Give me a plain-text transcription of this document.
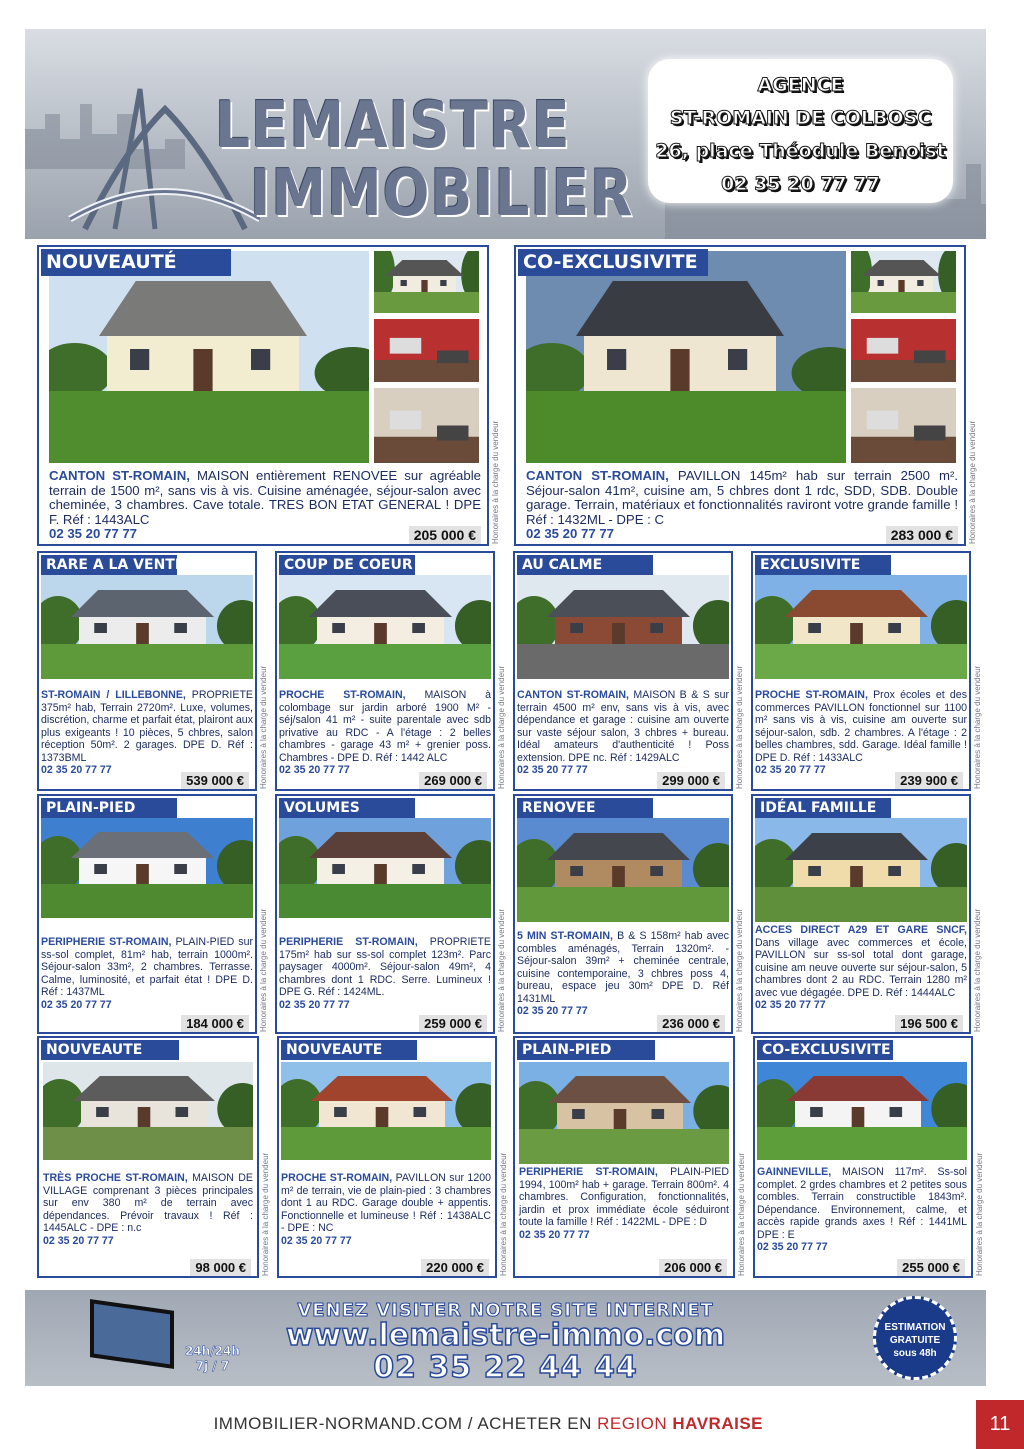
LEMAISTRE
IMMOBILIER
AGENCE
ST-ROMAIN DE COLBOSC
26, place Théodule Benoist
02 35 20 77 77
NOUVEAUTÉ
CANTON ST-ROMAIN, MAISON entièrement RENOVEE sur agréable terrain de 1500 m², sans vis à vis. Cuisine aménagée, séjour-salon avec cheminée, 3 chambres. Cave totale. TRES BON ETAT GENERAL ! DPE F. Réf : 1443ALC
02 35 20 77 77	205 000 €	Honoraires à la charge du vendeur
CO-EXCLUSIVITE
CANTON ST-ROMAIN, PAVILLON 145m² hab sur terrain 2500 m². Séjour-salon 41m², cuisine am, 5 chbres dont 1 rdc, SDD, SDB. Double garage. Terrain, matériaux et fonctionnalités raviront votre grande famille ! Réf : 1432ML - DPE : C
02 35 20 77 77	283 000 €	Honoraires à la charge du vendeur
RARE A LA VENTE
ST-ROMAIN / LILLEBONNE, PROPRIETE 375m² hab, Terrain 2720m². Luxe, volumes, discrétion, charme et parfait état, plairont aux plus exigeants ! 10 pièces, 5 chbres, salon réception 50m². 2 garages. DPE D. Réf : 1373BML
02 35 20 77 77
539 000 €	Honoraires à la charge du vendeur
COUP DE COEUR
PROCHE ST-ROMAIN, MAISON à colombage sur jardin arboré 1900 M² - séj/salon 41 m² - suite parentale avec sdb privative au RDC - A l'étage : 2 belles chambres - garage 43 m² + grenier poss. Chambres - DPE D. Réf : 1442 ALC
02 35 20 77 77
269 000 €	Honoraires à la charge du vendeur
AU CALME
CANTON ST-ROMAIN, MAISON B & S sur terrain 4500 m² env, sans vis à vis, avec dépendance et garage : cuisine am ouverte sur vaste séjour salon, 3 chbres + bureau. Idéal amateurs d'authenticité ! Poss extension. DPE nc. Réf : 1429ALC
02 35 20 77 77
299 000 €	Honoraires à la charge du vendeur
EXCLUSIVITE
PROCHE ST-ROMAIN, Prox écoles et des commerces PAVILLON fonctionnel sur 1100 m² sans vis à vis, cuisine am ouverte sur séjour-salon, sdb. 2 chambres. A l'étage : 2 belles chambres, sdd. Garage. Idéal famille ! DPE D. Réf : 1433ALC
02 35 20 77 77
239 900 €	Honoraires à la charge du vendeur
PLAIN-PIED
PERIPHERIE ST-ROMAIN, PLAIN-PIED sur ss-sol complet, 81m² hab, terrain 1000m². Séjour-salon 33m², 2 chambres. Terrasse. Calme, luminosité, et parfait état ! DPE D. Réf : 1437ML
02 35 20 77 77
184 000 €	Honoraires à la charge du vendeur
VOLUMES
PERIPHERIE ST-ROMAIN, PROPRIETE 175m² hab sur ss-sol complet 123m². Parc paysager 4000m². Séjour-salon 49m², 4 chambres dont 1 RDC. Serre. Lumineux ! DPE G. Réf : 1424ML.
02 35 20 77 77
259 000 €	Honoraires à la charge du vendeur
RENOVEE
5 MIN ST-ROMAIN, B & S 158m² hab avec combles aménagés, Terrain 1320m². -Séjour-salon 39m² + cheminée centrale, cuisine contemporaine, 3 chbres poss 4, bureau, espace jeu 30m² DPE D. Réf 1431ML
02 35 20 77 77
236 000 €	Honoraires à la charge du vendeur
IDÉAL FAMILLE
ACCES DIRECT A29 ET GARE SNCF, Dans village avec commerces et école, PAVILLON sur ss-sol total dont garage, cuisine am neuve ouverte sur séjour-salon, 5 chambres dont 2 au RDC. Terrain 1280 m² avec vue dégagée. DPE D. Réf : 1444ALC
02 35 20 77 77
196 500 €	Honoraires à la charge du vendeur
NOUVEAUTE
TRÈS PROCHE ST-ROMAIN, MAISON DE VILLAGE comprenant 3 pièces principales sur env 380 m² de terrain avec dépendances. Prévoir travaux ! Réf : 1445ALC - DPE : n.c
02 35 20 77 77
98 000 €	Honoraires à la charge du vendeur
NOUVEAUTE
PROCHE ST-ROMAIN, PAVILLON sur 1200 m² de terrain, vie de plain-pied : 3 chambres dont 1 au RDC. Garage double + appentis. Fonctionnelle et lumineuse ! Réf : 1438ALC - DPE : NC
02 35 20 77 77
220 000 €	Honoraires à la charge du vendeur
PLAIN-PIED
PERIPHERIE ST-ROMAIN, PLAIN-PIED 1994, 100m² hab + garage. Terrain 800m². 4 chambres. Configuration, fonctionnalités, jardin et prox immédiate école séduiront toute la famille ! Réf : 1422ML - DPE : D
02 35 20 77 77
206 000 €	Honoraires à la charge du vendeur
CO-EXCLUSIVITE
GAINNEVILLE, MAISON 117m². Ss-sol complet. 2 grdes chambres et 2 petites sous combles. Terrain constructible 1843m². Dépendance. Environnement, calme, et accès rapide grands axes ! Réf : 1441ML DPE : E
02 35 20 77 77
255 000 €	Honoraires à la charge du vendeur
24h/24h
7j / 7
VENEZ VISITER NOTRE SITE INTERNET
www.lemaistre-immo.com
02 35 22 44 44
ESTIMATION
GRATUITE
sous 48h
IMMOBILIER-NORMAND.COM / ACHETER EN REGION HAVRAISE	11
